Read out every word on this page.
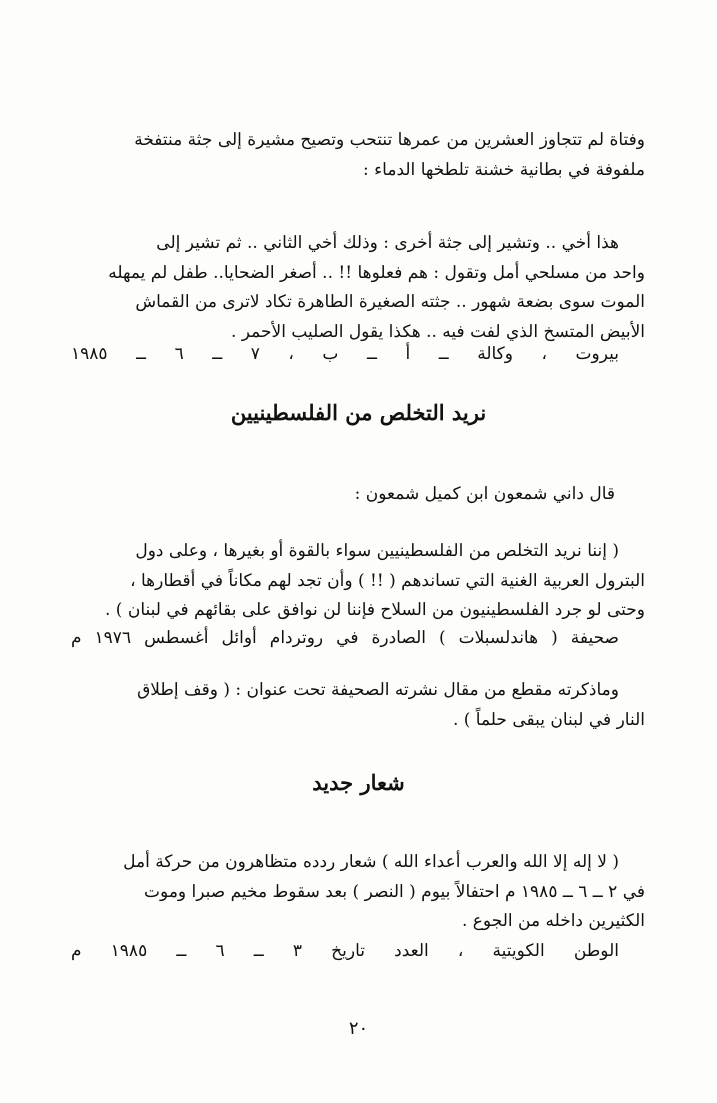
وفتاة لم تتجاوز العشرين من عمرها تنتحب وتصيح مشيرة إلى جثة منتفخة
ملفوفة في بطانية خشنة تلطخها الدماء :
هذا أخي .. وتشير إلى جثة أخرى : وذلك أخي الثاني .. ثم تشير إلى
واحد من مسلحي أمل وتقول : هم فعلوها !! .. أصغر الضحايا.. طفل لم يمهله
الموت سوى بضعة شهور .. جثته الصغيرة الطاهرة تكاد لاترى من القماش
الأبيض المتسخ الذي لفت فيه .. هكذا يقول الصليب الأحمر .
بيروت ، وكالة ــ أ ــ ب ، ٧ ــ ٦ ــ ١٩٨٥
نريد التخلص من الفلسطينيين
قال داني شمعون ابن كميل شمعون :
( إننا نريد التخلص من الفلسطينيين سواء بالقوة أو بغيرها ، وعلى دول
البترول العربية الغنية التي تساندهم ( !! ) وأن تجد لهم مكاناً في أقطارها ،
وحتى لو جرد الفلسطينيون من السلاح فإننا لن نوافق على بقائهم في لبنان ) .
صحيفة ( هاندلسبلات ) الصادرة في روتردام أوائل أغسطس ١٩٧٦ م
وماذكرته مقطع من مقال نشرته الصحيفة تحت عنوان : ( وقف إطلاق
النار في لبنان يبقى حلماً ) .
شعار جديد
( لا إله إلا الله والعرب أعداء الله ) شعار ردده متظاهرون من حركة أمل
في ٢ ــ ٦ ــ ١٩٨٥ م احتفالاً بيوم ( النصر ) بعد سقوط مخيم صبرا وموت
الكثيرين داخله من الجوع .
الوطن الكويتية ، العدد تاريخ ٣ ــ ٦ ــ ١٩٨٥ م
٢٠
